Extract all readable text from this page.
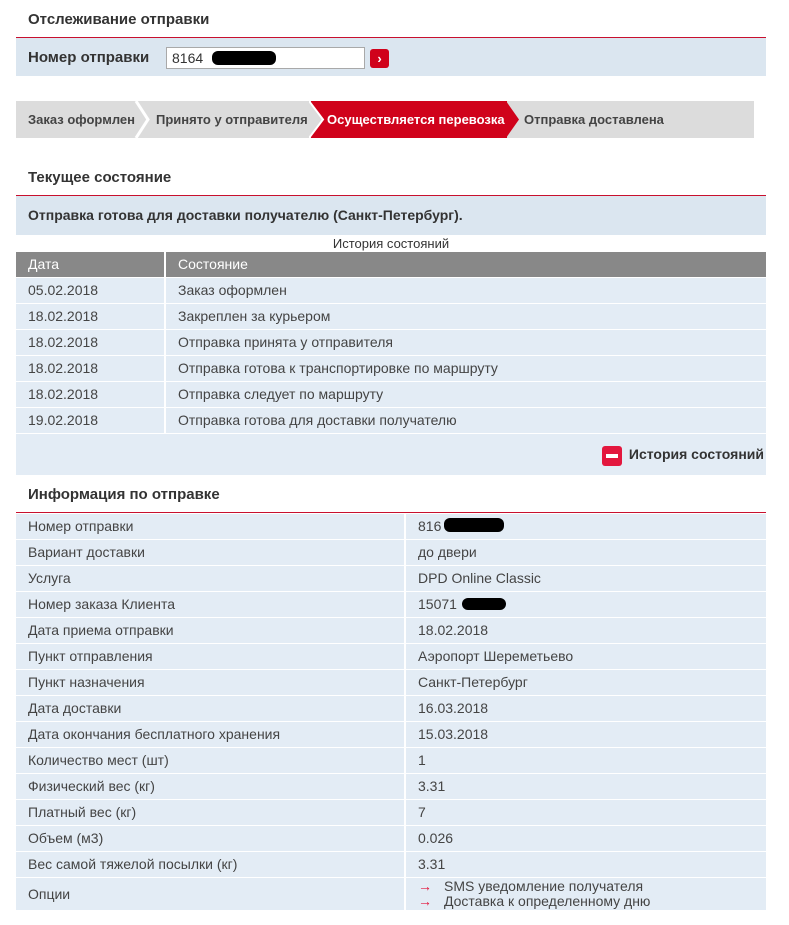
Отслеживание отправки
Номер отправки
8164	›
Заказ оформлен	Принято у отправителя	Осуществляется перевозка Отправка доставлена
Текущее состояние
Отправка готова для доставки получателю (Санкт-Петербург).
История состояний
Дата	Состояние
05.02.2018	Заказ оформлен
18.02.2018	Закреплен за курьером
18.02.2018	Отправка принята у отправителя
18.02.2018	Отправка готова к транспортировке по маршруту
18.02.2018	Отправка следует по маршруту
19.02.2018	Отправка готова для доставки получателю
История состояний
Информация по отправке
Номер отправки	816
Вариант доставки	до двери
Услуга	DPD Online Classic
Номер заказа Клиента	15071
Дата приема отправки	18.02.2018
Пункт отправления	Аэропорт Шереметьево
Пункт назначения	Санкт-Петербург
Дата доставки	16.03.2018
Дата окончания бесплатного хранения	15.03.2018
Количество мест (шт)	1
Физический вес (кг)	3.31
Платный вес (кг)	7
Объем (м3)	0.026
Вес самой тяжелой посылки (кг)	3.31
Опции	→ SMS уведомление получателя
→ Доставка к определенному дню
